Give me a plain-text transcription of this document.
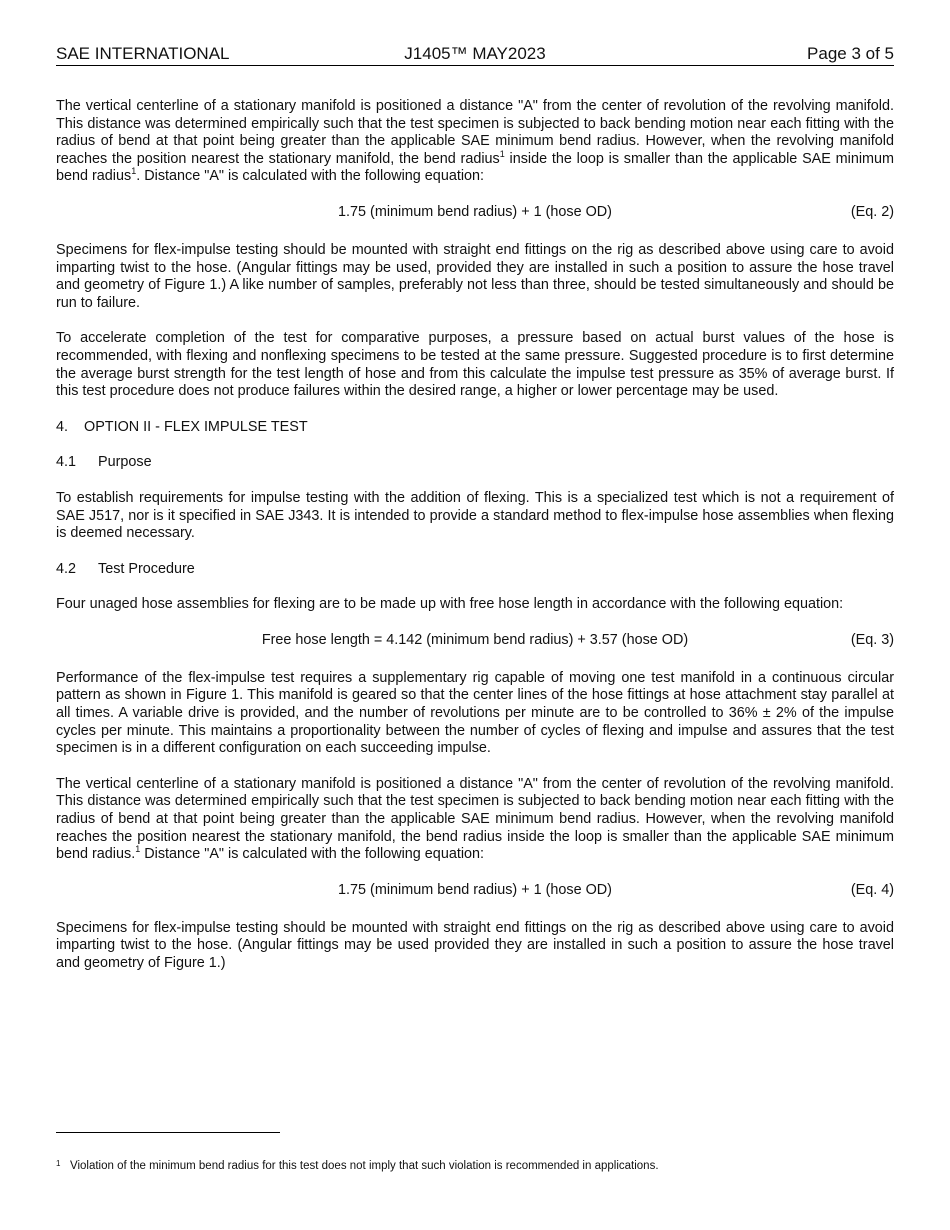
SAE INTERNATIONAL	J1405™ MAY2023	Page 3 of 5

The vertical centerline of a stationary manifold is positioned a distance "A" from the center of revolution of the revolving manifold. This distance was determined empirically such that the test specimen is subjected to back bending motion near each fitting with the radius of bend at that point being greater than the applicable SAE minimum bend radius. However, when the revolving manifold reaches the position nearest the stationary manifold, the bend radius$^1$ inside the loop is smaller than the applicable SAE minimum bend radius$^1$. Distance "A" is calculated with the following equation:

1.75 (minimum bend radius) + 1 (hose OD)	(Eq. 2)

Specimens for flex-impulse testing should be mounted with straight end fittings on the rig as described above using care to avoid imparting twist to the hose. (Angular fittings may be used, provided they are installed in such a position to assure the hose travel and geometry of Figure 1.) A like number of samples, preferably not less than three, should be tested simultaneously and should be run to failure.

To accelerate completion of the test for comparative purposes, a pressure based on actual burst values of the hose is recommended, with flexing and nonflexing specimens to be tested at the same pressure. Suggested procedure is to first determine the average burst strength for the test length of hose and from this calculate the impulse test pressure as 35% of average burst. If this test procedure does not produce failures within the desired range, a higher or lower percentage may be used.

4. OPTION II - FLEX IMPULSE TEST
4.1 Purpose

To establish requirements for impulse testing with the addition of flexing. This is a specialized test which is not a requirement of SAE J517, nor is it specified in SAE J343. It is intended to provide a standard method to flex-impulse hose assemblies when flexing is deemed necessary.

4.2 Test Procedure

Four unaged hose assemblies for flexing are to be made up with free hose length in accordance with the following equation:

Free hose length = 4.142 (minimum bend radius) + 3.57 (hose OD)	(Eq. 3)

Performance of the flex-impulse test requires a supplementary rig capable of moving one test manifold in a continuous circular pattern as shown in Figure 1. This manifold is geared so that the center lines of the hose fittings at hose attachment stay parallel at all times. A variable drive is provided, and the number of revolutions per minute are to be controlled to 36% ± 2% of the impulse cycles per minute. This maintains a proportionality between the number of cycles of flexing and impulse and assures that the test specimen is in a different configuration on each succeeding impulse.

The vertical centerline of a stationary manifold is positioned a distance "A" from the center of revolution of the revolving manifold. This distance was determined empirically such that the test specimen is subjected to back bending motion near each fitting with the radius of bend at that point being greater than the applicable SAE minimum bend radius. However, when the revolving manifold reaches the position nearest the stationary manifold, the bend radius inside the loop is smaller than the applicable SAE minimum bend radius.$^1$ Distance "A" is calculated with the following equation:

1.75 (minimum bend radius) + 1 (hose OD)	(Eq. 4)

Specimens for flex-impulse testing should be mounted with straight end fittings on the rig as described above using care to avoid imparting twist to the hose. (Angular fittings may be used provided they are installed in such a position to assure the hose travel and geometry of Figure 1.)

1 Violation of the minimum bend radius for this test does not imply that such violation is recommended in applications.
